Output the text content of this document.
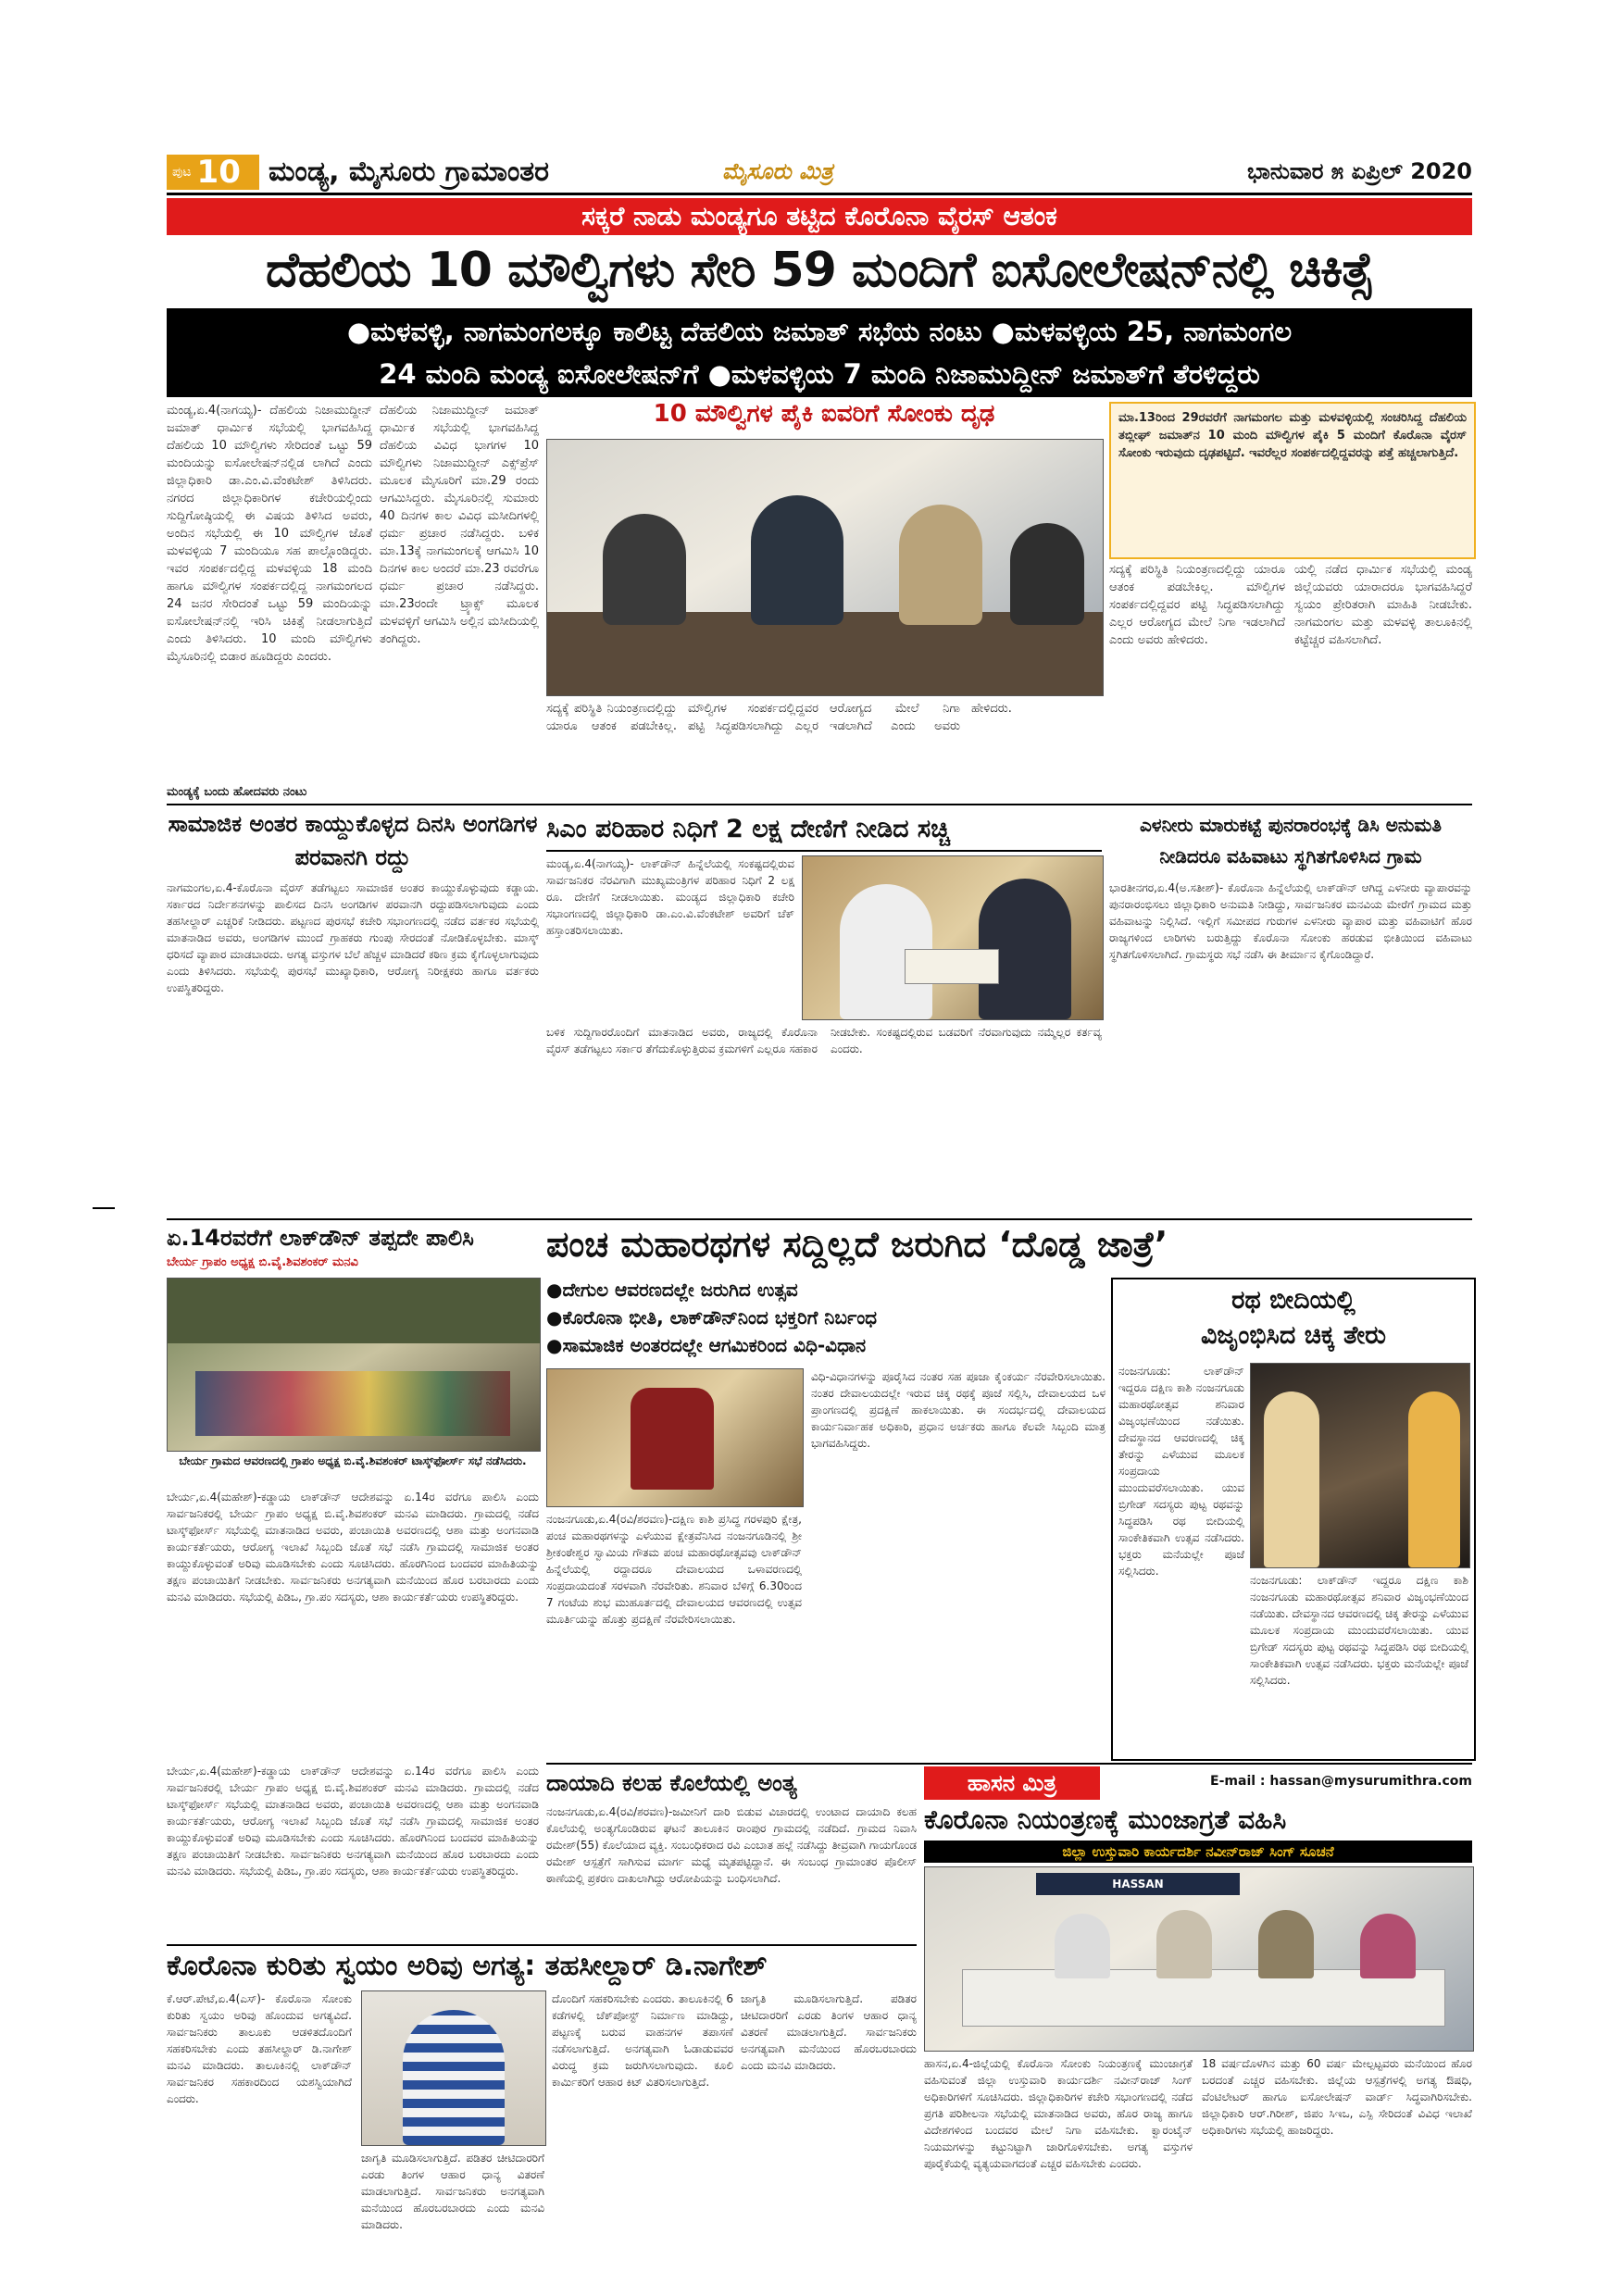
ಪುಟ 10 ಮಂಡ್ಯ, ಮೈಸೂರು ಗ್ರಾಮಾಂತರ	ಮೈಸೂರು ಮಿತ್ರ	ಭಾನುವಾರ ೫ ಏಪ್ರಿಲ್ 2020
ಸಕ್ಕರೆ ನಾಡು ಮಂಡ್ಯಗೂ ತಟ್ಟಿದ ಕೊರೊನಾ ವೈರಸ್ ಆತಂಕ
ದೆಹಲಿಯ 10 ಮೌಲ್ವಿಗಳು ಸೇರಿ 59 ಮಂದಿಗೆ ಐಸೋಲೇಷನ್‌ನಲ್ಲಿ ಚಿಕಿತ್ಸೆ
●ಮಳವಳ್ಳಿ, ನಾಗಮಂಗಲಕ್ಕೂ ಕಾಲಿಟ್ಟ ದೆಹಲಿಯ ಜಮಾತ್ ಸಭೆಯ ನಂಟು ●ಮಳವಳ್ಳಿಯ 25, ನಾಗಮಂಗಲ
24 ಮಂದಿ ಮಂಡ್ಯ ಐಸೋಲೇಷನ್‌ಗೆ ●ಮಳವಳ್ಳಿಯ 7 ಮಂದಿ ನಿಜಾಮುದ್ದೀನ್ ಜಮಾತ್‌ಗೆ ತೆರಳಿದ್ದರು
ಮಂಡ್ಯ,ಏ.4(ನಾಗಯ್ಯ)- ದೆಹಲಿಯ ನಿಜಾಮುದ್ದೀನ್ ಜಮಾತ್ ಧಾರ್ಮಿಕ ಸಭೆಯಲ್ಲಿ ಭಾಗವಹಿಸಿದ್ದ ದೆಹಲಿಯ 10 ಮೌಲ್ವಿಗಳು ಸೇರಿದಂತೆ ಒಟ್ಟು 59 ಮಂದಿಯನ್ನು ಐಸೋಲೇಷನ್‌ನಲ್ಲಿಡ ಲಾಗಿದೆ ಎಂದು ಜಿಲ್ಲಾಧಿಕಾರಿ ಡಾ.ಎಂ.ವಿ.ವೆಂಕಟೇಶ್ ತಿಳಿಸಿದರು. ನಗರದ ಜಿಲ್ಲಾಧಿಕಾರಿಗಳ ಕಚೇರಿಯಲ್ಲಿಂದು ಸುದ್ದಿಗೋಷ್ಠಿಯಲ್ಲಿ ಈ ವಿಷಯ ತಿಳಿಸಿದ ಅವರು, ಅಂದಿನ ಸಭೆಯಲ್ಲಿ ಈ 10 ಮೌಲ್ವಿಗಳ ಜೊತೆ ಮಳವಳ್ಳಿಯ 7 ಮಂದಿಯೂ ಸಹ ಪಾಲ್ಗೊಂಡಿದ್ದರು. ಇವರ ಸಂಪರ್ಕದಲ್ಲಿದ್ದ ಮಳವಳ್ಳಿಯ 18 ಮಂದಿ ಹಾಗೂ ಮೌಲ್ವಿಗಳ ಸಂಪರ್ಕದಲ್ಲಿದ್ದ ನಾಗಮಂಗಲದ 24 ಜನರ ಸೇರಿದಂತೆ ಒಟ್ಟು 59 ಮಂದಿಯನ್ನು ಐಸೋಲೇಷನ್‌ನಲ್ಲಿ ಇರಿಸಿ ಚಿಕಿತ್ಸೆ ನೀಡಲಾಗುತ್ತಿದೆ ಎಂದು ತಿಳಿಸಿದರು. 10 ಮಂದಿ ಮೌಲ್ವಿಗಳು ಮೈಸೂರಿನಲ್ಲಿ ಬಿಡಾರ ಹೂಡಿದ್ದರು ಎಂದರು.
ಮಂಡ್ಯಕ್ಕೆ ಬಂದು ಹೋದವರು ನಂಟು
ದೆಹಲಿಯ ನಿಜಾಮುದ್ದೀನ್ ಜಮಾತ್ ಧಾರ್ಮಿಕ ಸಭೆಯಲ್ಲಿ ಭಾಗವಹಿಸಿದ್ದ ದೆಹಲಿಯ ವಿವಿಧ ಭಾಗಗಳ 10 ಮೌಲ್ವಿಗಳು ನಿಜಾಮುದ್ದೀನ್ ಎಕ್ಸ್‌ಪ್ರೆಸ್ ಮೂಲಕ ಮೈಸೂರಿಗೆ ಮಾ.29 ರಂದು ಆಗಮಿಸಿದ್ದರು. ಮೈಸೂರಿನಲ್ಲಿ ಸುಮಾರು 40 ದಿನಗಳ ಕಾಲ ವಿವಿಧ ಮಸೀದಿಗಳಲ್ಲಿ ಧರ್ಮ ಪ್ರಚಾರ ನಡೆಸಿದ್ದರು. ಬಳಿಕ ಮಾ.13ಕ್ಕೆ ನಾಗಮಂಗಲಕ್ಕೆ ಆಗಮಿಸಿ 10 ದಿನಗಳ ಕಾಲ ಅಂದರೆ ಮಾ.23 ರವರೆಗೂ ಧರ್ಮ ಪ್ರಚಾರ ನಡೆಸಿದ್ದರು. ಮಾ.23ರಂದೇ ಟ್ರ್ಯಾಕ್ಸ್ ಮೂಲಕ ಮಳವಳ್ಳಿಗೆ ಆಗಮಿಸಿ ಅಲ್ಲಿನ ಮಸೀದಿಯಲ್ಲಿ ತಂಗಿದ್ದರು.
10 ಮೌಲ್ವಿಗಳ ಪೈಕಿ ಐವರಿಗೆ ಸೋಂಕು ದೃಢ
ಸದ್ಯಕ್ಕೆ ಪರಿಸ್ಥಿತಿ ನಿಯಂತ್ರಣದಲ್ಲಿದ್ದು ಯಾರೂ ಆತಂಕ ಪಡಬೇಕಿಲ್ಲ. ಮೌಲ್ವಿಗಳ ಸಂಪರ್ಕದಲ್ಲಿದ್ದವರ ಪಟ್ಟಿ ಸಿದ್ಧಪಡಿಸಲಾಗಿದ್ದು ಎಲ್ಲರ ಆರೋಗ್ಯದ ಮೇಲೆ ನಿಗಾ ಇಡಲಾಗಿದೆ ಎಂದು ಅವರು ಹೇಳಿದರು.
ಮಾ.13ರಿಂದ 29ರವರೆಗೆ ನಾಗಮಂಗಲ ಮತ್ತು ಮಳವಳ್ಳಿಯಲ್ಲಿ ಸಂಚರಿಸಿದ್ದ ದೆಹಲಿಯ ತಬ್ಲೀಘ್ ಜಮಾತ್‌ನ 10 ಮಂದಿ ಮೌಲ್ವಿಗಳ ಪೈಕಿ 5 ಮಂದಿಗೆ ಕೊರೊನಾ ವೈರಸ್ ಸೋಂಕು ಇರುವುದು ದೃಢಪಟ್ಟಿದೆ. ಇವರೆಲ್ಲರ ಸಂಪರ್ಕದಲ್ಲಿದ್ದವರನ್ನು ಪತ್ತೆ ಹಚ್ಚಲಾಗುತ್ತಿದೆ.
ಸದ್ಯಕ್ಕೆ ಪರಿಸ್ಥಿತಿ ನಿಯಂತ್ರಣದಲ್ಲಿದ್ದು ಯಾರೂ ಆತಂಕ ಪಡಬೇಕಿಲ್ಲ. ಮೌಲ್ವಿಗಳ ಸಂಪರ್ಕದಲ್ಲಿದ್ದವರ ಪಟ್ಟಿ ಸಿದ್ಧಪಡಿಸಲಾಗಿದ್ದು ಎಲ್ಲರ ಆರೋಗ್ಯದ ಮೇಲೆ ನಿಗಾ ಇಡಲಾಗಿದೆ ಎಂದು ಅವರು ಹೇಳಿದರು.
ಯಲ್ಲಿ ನಡೆದ ಧಾರ್ಮಿಕ ಸಭೆಯಲ್ಲಿ ಮಂಡ್ಯ ಜಿಲ್ಲೆಯವರು ಯಾರಾದರೂ ಭಾಗವಹಿಸಿದ್ದರೆ ಸ್ವಯಂ ಪ್ರೇರಿತರಾಗಿ ಮಾಹಿತಿ ನೀಡಬೇಕು. ನಾಗಮಂಗಲ ಮತ್ತು ಮಳವಳ್ಳಿ ತಾಲೂಕಿನಲ್ಲಿ ಕಟ್ಟೆಚ್ಚರ ವಹಿಸಲಾಗಿದೆ.
ಸಾಮಾಜಿಕ ಅಂತರ ಕಾಯ್ದುಕೊಳ್ಳದ ದಿನಸಿ ಅಂಗಡಿಗಳ ಪರವಾನಗಿ ರದ್ದು
ನಾಗಮಂಗಲ,ಏ.4-ಕೊರೊನಾ ವೈರಸ್ ತಡೆಗಟ್ಟಲು ಸಾಮಾಜಿಕ ಅಂತರ ಕಾಯ್ದುಕೊಳ್ಳುವುದು ಕಡ್ಡಾಯ. ಸರ್ಕಾರದ ನಿರ್ದೇಶನಗಳನ್ನು ಪಾಲಿಸದ ದಿನಸಿ ಅಂಗಡಿಗಳ ಪರವಾನಗಿ ರದ್ದುಪಡಿಸಲಾಗುವುದು ಎಂದು ತಹಸೀಲ್ದಾರ್ ಎಚ್ಚರಿಕೆ ನೀಡಿದರು. ಪಟ್ಟಣದ ಪುರಸಭೆ ಕಚೇರಿ ಸಭಾಂಗಣದಲ್ಲಿ ನಡೆದ ವರ್ತಕರ ಸಭೆಯಲ್ಲಿ ಮಾತನಾಡಿದ ಅವರು, ಅಂಗಡಿಗಳ ಮುಂದೆ ಗ್ರಾಹಕರು ಗುಂಪು ಸೇರದಂತೆ ನೋಡಿಕೊಳ್ಳಬೇಕು. ಮಾಸ್ಕ್ ಧರಿಸದೆ ವ್ಯಾಪಾರ ಮಾಡಬಾರದು. ಅಗತ್ಯ ವಸ್ತುಗಳ ಬೆಲೆ ಹೆಚ್ಚಳ ಮಾಡಿದರೆ ಕಠಿಣ ಕ್ರಮ ಕೈಗೊಳ್ಳಲಾಗುವುದು ಎಂದು ತಿಳಿಸಿದರು. ಸಭೆಯಲ್ಲಿ ಪುರಸಭೆ ಮುಖ್ಯಾಧಿಕಾರಿ, ಆರೋಗ್ಯ ನಿರೀಕ್ಷಕರು ಹಾಗೂ ವರ್ತಕರು ಉಪಸ್ಥಿತರಿದ್ದರು.
ಸಿಎಂ ಪರಿಹಾರ ನಿಧಿಗೆ 2 ಲಕ್ಷ ದೇಣಿಗೆ ನೀಡಿದ ಸಚ್ಚಿ
ಮಂಡ್ಯ,ಏ.4(ನಾಗಯ್ಯ)- ಲಾಕ್‌ಡೌನ್ ಹಿನ್ನೆಲೆಯಲ್ಲಿ ಸಂಕಷ್ಟದಲ್ಲಿರುವ ಸಾರ್ವಜನಿಕರ ನೆರವಿಗಾಗಿ ಮುಖ್ಯಮಂತ್ರಿಗಳ ಪರಿಹಾರ ನಿಧಿಗೆ 2 ಲಕ್ಷ ರೂ. ದೇಣಿಗೆ ನೀಡಲಾಯಿತು. ಮಂಡ್ಯದ ಜಿಲ್ಲಾಧಿಕಾರಿ ಕಚೇರಿ ಸಭಾಂಗಣದಲ್ಲಿ ಜಿಲ್ಲಾಧಿಕಾರಿ ಡಾ.ಎಂ.ವಿ.ವೆಂಕಟೇಶ್ ಅವರಿಗೆ ಚೆಕ್ ಹಸ್ತಾಂತರಿಸಲಾಯಿತು.
ಬಳಿಕ ಸುದ್ದಿಗಾರರೊಂದಿಗೆ ಮಾತನಾಡಿದ ಅವರು, ರಾಜ್ಯದಲ್ಲಿ ಕೊರೊನಾ ವೈರಸ್ ತಡೆಗಟ್ಟಲು ಸರ್ಕಾರ ತೆಗೆದುಕೊಳ್ಳುತ್ತಿರುವ ಕ್ರಮಗಳಿಗೆ ಎಲ್ಲರೂ ಸಹಕಾರ ನೀಡಬೇಕು. ಸಂಕಷ್ಟದಲ್ಲಿರುವ ಬಡವರಿಗೆ ನೆರವಾಗುವುದು ನಮ್ಮೆಲ್ಲರ ಕರ್ತವ್ಯ ಎಂದರು.
ಎಳನೀರು ಮಾರುಕಟ್ಟೆ ಪುನರಾರಂಭಕ್ಕೆ ಡಿಸಿ ಅನುಮತಿ ನೀಡಿದರೂ ವಹಿವಾಟು ಸ್ಥಗಿತಗೊಳಿಸಿದ ಗ್ರಾಮ
ಭಾರತೀನಗರ,ಏ.4(ಅ.ಸತೀಶ್)- ಕೊರೊನಾ ಹಿನ್ನೆಲೆಯಲ್ಲಿ ಲಾಕ್‌ಡೌನ್ ಆಗಿದ್ದ ಎಳನೀರು ವ್ಯಾಪಾರವನ್ನು ಪುನರಾರಂಭಿಸಲು ಜಿಲ್ಲಾಧಿಕಾರಿ ಅನುಮತಿ ನೀಡಿದ್ದು, ಸಾರ್ವಜನಿಕರ ಮನವಿಯ ಮೇರೆಗೆ ಗ್ರಾಮದ ಮತ್ತು ವಹಿವಾಟನ್ನು ನಿಲ್ಲಿಸಿದೆ. ಇಲ್ಲಿಗೆ ಸಮೀಪದ ಗುರುಗಳ ಎಳನೀರು ವ್ಯಾಪಾರ ಮತ್ತು ವಹಿವಾಟಿಗೆ ಹೊರ ರಾಜ್ಯಗಳಿಂದ ಲಾರಿಗಳು ಬರುತ್ತಿದ್ದು ಕೊರೊನಾ ಸೋಂಕು ಹರಡುವ ಭೀತಿಯಿಂದ ವಹಿವಾಟು ಸ್ಥಗಿತಗೊಳಿಸಲಾಗಿದೆ. ಗ್ರಾಮಸ್ಥರು ಸಭೆ ನಡೆಸಿ ಈ ತೀರ್ಮಾನ ಕೈಗೊಂಡಿದ್ದಾರೆ.
ಏ.14ರವರೆಗೆ ಲಾಕ್‌ಡೌನ್ ತಪ್ಪದೇ ಪಾಲಿಸಿ
ಬೇರ್ಯ ಗ್ರಾಪಂ ಅಧ್ಯಕ್ಷ ಬಿ.ವೈ.ಶಿವಶಂಕರ್ ಮನವಿ
ಬೇರ್ಯ ಗ್ರಾಮದ ಆವರಣದಲ್ಲಿ ಗ್ರಾಪಂ ಅಧ್ಯಕ್ಷ ಬಿ.ವೈ.ಶಿವಶಂಕರ್ ಟಾಸ್ಕ್‌ಫೋರ್ಸ್ ಸಭೆ ನಡೆಸಿದರು.
ಬೇರ್ಯ,ಏ.4(ಮಹೇಶ್)-ಕಡ್ಡಾಯ ಲಾಕ್‌ಡೌನ್ ಆದೇಶವನ್ನು ಏ.14ರ ವರೆಗೂ ಪಾಲಿಸಿ ಎಂದು ಸಾರ್ವಜನಿಕರಲ್ಲಿ ಬೇರ್ಯ ಗ್ರಾಪಂ ಅಧ್ಯಕ್ಷ ಬಿ.ವೈ.ಶಿವಶಂಕರ್ ಮನವಿ ಮಾಡಿದರು. ಗ್ರಾಮದಲ್ಲಿ ನಡೆದ ಟಾಸ್ಕ್‌ಫೋರ್ಸ್ ಸಭೆಯಲ್ಲಿ ಮಾತನಾಡಿದ ಅವರು, ಪಂಚಾಯಿತಿ ಅವರಣದಲ್ಲಿ ಆಶಾ ಮತ್ತು ಅಂಗನವಾಡಿ ಕಾರ್ಯಕರ್ತೆಯರು, ಆರೋಗ್ಯ ಇಲಾಖೆ ಸಿಬ್ಬಂದಿ ಜೊತೆ ಸಭೆ ನಡೆಸಿ ಗ್ರಾಮದಲ್ಲಿ ಸಾಮಾಜಿಕ ಅಂತರ ಕಾಯ್ದುಕೊಳ್ಳುವಂತೆ ಅರಿವು ಮೂಡಿಸಬೇಕು ಎಂದು ಸೂಚಿಸಿದರು. ಹೊರಗಿನಿಂದ ಬಂದವರ ಮಾಹಿತಿಯನ್ನು ತಕ್ಷಣ ಪಂಚಾಯಿತಿಗೆ ನೀಡಬೇಕು. ಸಾರ್ವಜನಿಕರು ಅನಗತ್ಯವಾಗಿ ಮನೆಯಿಂದ ಹೊರ ಬರಬಾರದು ಎಂದು ಮನವಿ ಮಾಡಿದರು. ಸಭೆಯಲ್ಲಿ ಪಿಡಿಒ, ಗ್ರಾ.ಪಂ ಸದಸ್ಯರು, ಆಶಾ ಕಾರ್ಯಕರ್ತೆಯರು ಉಪಸ್ಥಿತರಿದ್ದರು.
ಪಂಚ ಮಹಾರಥಗಳ ಸದ್ದಿಲ್ಲದೆ ಜರುಗಿದ ‘ದೊಡ್ಡ ಜಾತ್ರೆ’
●ದೇಗುಲ ಆವರಣದಲ್ಲೇ ಜರುಗಿದ ಉತ್ಸವ
●ಕೊರೊನಾ ಭೀತಿ, ಲಾಕ್‌ಡೌನ್‌ನಿಂದ ಭಕ್ತರಿಗೆ ನಿರ್ಬಂಧ
●ಸಾಮಾಜಿಕ ಅಂತರದಲ್ಲೇ ಆಗಮಿಕರಿಂದ ವಿಧಿ-ವಿಧಾನ
ನಂಜನಗೂಡು,ಏ.4(ರವಿ/ಶರವಣ)-ದಕ್ಷಿಣ ಕಾಶಿ ಪ್ರಸಿದ್ಧ ಗರಳಪುರಿ ಕ್ಷೇತ್ರ, ಪಂಚ ಮಹಾರಥಗಳನ್ನು ಎಳೆಯುವ ಕ್ಷೇತ್ರವೆನಿಸಿದ ನಂಜನಗೂಡಿನಲ್ಲಿ ಶ್ರೀ ಶ್ರೀಕಂಠೇಶ್ವರ ಸ್ವಾಮಿಯ ಗೌತಮ ಪಂಚ ಮಹಾರಥೋತ್ಸವವು ಲಾಕ್‌ಡೌನ್ ಹಿನ್ನೆಲೆಯಲ್ಲಿ ರದ್ದಾದರೂ ದೇವಾಲಯದ ಒಳಾವರಣದಲ್ಲಿ ಸಂಪ್ರದಾಯದಂತೆ ಸರಳವಾಗಿ ನೆರವೇರಿತು. ಶನಿವಾರ ಬೆಳಿಗ್ಗೆ 6.30ರಿಂದ 7 ಗಂಟೆಯ ಶುಭ ಮುಹೂರ್ತದಲ್ಲಿ ದೇವಾಲಯದ ಆವರಣದಲ್ಲಿ ಉತ್ಸವ ಮೂರ್ತಿಯನ್ನು ಹೊತ್ತು ಪ್ರದಕ್ಷಿಣೆ ನೆರವೇರಿಸಲಾಯಿತು.
ವಿಧಿ-ವಿಧಾನಗಳನ್ನು ಪೂರೈಸಿದ ನಂತರ ಸಹ ಪೂಜಾ ಕೈಂಕರ್ಯ ನೆರವೇರಿಸಲಾಯಿತು. ನಂತರ ದೇವಾಲಯದಲ್ಲೇ ಇರುವ ಚಿಕ್ಕ ರಥಕ್ಕೆ ಪೂಜೆ ಸಲ್ಲಿಸಿ, ದೇವಾಲಯದ ಒಳ ಪ್ರಾಂಗಣದಲ್ಲಿ ಪ್ರದಕ್ಷಿಣೆ ಹಾಕಲಾಯಿತು. ಈ ಸಂದರ್ಭದಲ್ಲಿ ದೇವಾಲಯದ ಕಾರ್ಯನಿರ್ವಾಹಕ ಅಧಿಕಾರಿ, ಪ್ರಧಾನ ಅರ್ಚಕರು ಹಾಗೂ ಕೆಲವೇ ಸಿಬ್ಬಂದಿ ಮಾತ್ರ ಭಾಗವಹಿಸಿದ್ದರು.
ರಥ ಬೀದಿಯಲ್ಲಿ
ವಿಜೃಂಭಿಸಿದ ಚಿಕ್ಕ ತೇರು
ನಂಜನಗೂಡು: ಲಾಕ್‌ಡೌನ್ ಇದ್ದರೂ ದಕ್ಷಿಣ ಕಾಶಿ ನಂಜನಗೂಡು ಮಹಾರಥೋತ್ಸವ ಶನಿವಾರ ವಿಜೃಂಭಣೆಯಿಂದ ನಡೆಯಿತು. ದೇವಸ್ಥಾನದ ಆವರಣದಲ್ಲಿ ಚಿಕ್ಕ ತೇರನ್ನು ಎಳೆಯುವ ಮೂಲಕ ಸಂಪ್ರದಾಯ ಮುಂದುವರೆಸಲಾಯಿತು. ಯುವ ಬ್ರಿಗೇಡ್ ಸದಸ್ಯರು ಪುಟ್ಟ ರಥವನ್ನು ಸಿದ್ಧಪಡಿಸಿ ರಥ ಬೀದಿಯಲ್ಲಿ ಸಾಂಕೇತಿಕವಾಗಿ ಉತ್ಸವ ನಡೆಸಿದರು. ಭಕ್ತರು ಮನೆಯಲ್ಲೇ ಪೂಜೆ ಸಲ್ಲಿಸಿದರು.
ನಂಜನಗೂಡು: ಲಾಕ್‌ಡೌನ್ ಇದ್ದರೂ ದಕ್ಷಿಣ ಕಾಶಿ ನಂಜನಗೂಡು ಮಹಾರಥೋತ್ಸವ ಶನಿವಾರ ವಿಜೃಂಭಣೆಯಿಂದ ನಡೆಯಿತು. ದೇವಸ್ಥಾನದ ಆವರಣದಲ್ಲಿ ಚಿಕ್ಕ ತೇರನ್ನು ಎಳೆಯುವ ಮೂಲಕ ಸಂಪ್ರದಾಯ ಮುಂದುವರೆಸಲಾಯಿತು. ಯುವ ಬ್ರಿಗೇಡ್ ಸದಸ್ಯರು ಪುಟ್ಟ ರಥವನ್ನು ಸಿದ್ಧಪಡಿಸಿ ರಥ ಬೀದಿಯಲ್ಲಿ ಸಾಂಕೇತಿಕವಾಗಿ ಉತ್ಸವ ನಡೆಸಿದರು. ಭಕ್ತರು ಮನೆಯಲ್ಲೇ ಪೂಜೆ ಸಲ್ಲಿಸಿದರು.
ಬೇರ್ಯ,ಏ.4(ಮಹೇಶ್)-ಕಡ್ಡಾಯ ಲಾಕ್‌ಡೌನ್ ಆದೇಶವನ್ನು ಏ.14ರ ವರೆಗೂ ಪಾಲಿಸಿ ಎಂದು ಸಾರ್ವಜನಿಕರಲ್ಲಿ ಬೇರ್ಯ ಗ್ರಾಪಂ ಅಧ್ಯಕ್ಷ ಬಿ.ವೈ.ಶಿವಶಂಕರ್ ಮನವಿ ಮಾಡಿದರು. ಗ್ರಾಮದಲ್ಲಿ ನಡೆದ ಟಾಸ್ಕ್‌ಫೋರ್ಸ್ ಸಭೆಯಲ್ಲಿ ಮಾತನಾಡಿದ ಅವರು, ಪಂಚಾಯಿತಿ ಅವರಣದಲ್ಲಿ ಆಶಾ ಮತ್ತು ಅಂಗನವಾಡಿ ಕಾರ್ಯಕರ್ತೆಯರು, ಆರೋಗ್ಯ ಇಲಾಖೆ ಸಿಬ್ಬಂದಿ ಜೊತೆ ಸಭೆ ನಡೆಸಿ ಗ್ರಾಮದಲ್ಲಿ ಸಾಮಾಜಿಕ ಅಂತರ ಕಾಯ್ದುಕೊಳ್ಳುವಂತೆ ಅರಿವು ಮೂಡಿಸಬೇಕು ಎಂದು ಸೂಚಿಸಿದರು. ಹೊರಗಿನಿಂದ ಬಂದವರ ಮಾಹಿತಿಯನ್ನು ತಕ್ಷಣ ಪಂಚಾಯಿತಿಗೆ ನೀಡಬೇಕು. ಸಾರ್ವಜನಿಕರು ಅನಗತ್ಯವಾಗಿ ಮನೆಯಿಂದ ಹೊರ ಬರಬಾರದು ಎಂದು ಮನವಿ ಮಾಡಿದರು. ಸಭೆಯಲ್ಲಿ ಪಿಡಿಒ, ಗ್ರಾ.ಪಂ ಸದಸ್ಯರು, ಆಶಾ ಕಾರ್ಯಕರ್ತೆಯರು ಉಪಸ್ಥಿತರಿದ್ದರು.
ದಾಯಾದಿ ಕಲಹ ಕೊಲೆಯಲ್ಲಿ ಅಂತ್ಯ
ನಂಜನಗೂಡು,ಏ.4(ರವಿ/ಶರವಣ)-ಜಮೀನಿಗೆ ದಾರಿ ಬಿಡುವ ವಿಚಾರದಲ್ಲಿ ಉಂಟಾದ ದಾಯಾದಿ ಕಲಹ ಕೊಲೆಯಲ್ಲಿ ಅಂತ್ಯಗೊಂಡಿರುವ ಘಟನೆ ತಾಲೂಕಿನ ರಾಂಪುರ ಗ್ರಾಮದಲ್ಲಿ ನಡೆದಿದೆ. ಗ್ರಾಮದ ನಿವಾಸಿ ರಮೇಶ್(55) ಕೊಲೆಯಾದ ವ್ಯಕ್ತಿ. ಸಂಬಂಧಿಕರಾದ ರವಿ ಎಂಬಾತ ಹಲ್ಲೆ ನಡೆಸಿದ್ದು ತೀವ್ರವಾಗಿ ಗಾಯಗೊಂಡ ರಮೇಶ್ ಆಸ್ಪತ್ರೆಗೆ ಸಾಗಿಸುವ ಮಾರ್ಗ ಮಧ್ಯೆ ಮೃತಪಟ್ಟಿದ್ದಾನೆ. ಈ ಸಂಬಂಧ ಗ್ರಾಮಾಂತರ ಪೊಲೀಸ್ ಠಾಣೆಯಲ್ಲಿ ಪ್ರಕರಣ ದಾಖಲಾಗಿದ್ದು ಆರೋಪಿಯನ್ನು ಬಂಧಿಸಲಾಗಿದೆ.
ಹಾಸನ ಮಿತ್ರ	E-mail : hassan@mysurumithra.com
ಕೊರೊನಾ ನಿಯಂತ್ರಣಕ್ಕೆ ಮುಂಜಾಗ್ರತೆ ವಹಿಸಿ
ಜಿಲ್ಲಾ ಉಸ್ತುವಾರಿ ಕಾರ್ಯದರ್ಶಿ ನವೀನ್‌ರಾಜ್ ಸಿಂಗ್ ಸೂಚನೆ
HASSAN
ಕೊರೊನಾ ಕುರಿತು ಸ್ವಯಂ ಅರಿವು ಅಗತ್ಯ: ತಹಸೀಲ್ದಾರ್ ಡಿ.ನಾಗೇಶ್
ಕೆ.ಆರ್.ಪೇಟೆ,ಏ.4(ಎಸ್)- ಕೊರೊನಾ ಸೋಂಕು ಕುರಿತು ಸ್ವಯಂ ಅರಿವು ಹೊಂದುವ ಅಗತ್ಯವಿದೆ. ಸಾರ್ವಜನಿಕರು ತಾಲೂಕು ಆಡಳಿತದೊಂದಿಗೆ ಸಹಕರಿಸಬೇಕು ಎಂದು ತಹಸೀಲ್ದಾರ್ ಡಿ.ನಾಗೇಶ್ ಮನವಿ ಮಾಡಿದರು. ತಾಲೂಕಿನಲ್ಲಿ ಲಾಕ್‌ಡೌನ್ ಸಾರ್ವಜನಿಕರ ಸಹಕಾರದಿಂದ ಯಶಸ್ವಿಯಾಗಿದೆ ಎಂದರು.
ಜಾಗೃತಿ ಮೂಡಿಸಲಾಗುತ್ತಿದೆ. ಪಡಿತರ ಚೀಟಿದಾರರಿಗೆ ಎರಡು ತಿಂಗಳ ಆಹಾರ ಧಾನ್ಯ ವಿತರಣೆ ಮಾಡಲಾಗುತ್ತಿದೆ. ಸಾರ್ವಜನಿಕರು ಅನಗತ್ಯವಾಗಿ ಮನೆಯಿಂದ ಹೊರಬರಬಾರದು ಎಂದು ಮನವಿ ಮಾಡಿದರು.
ದೊಂದಿಗೆ ಸಹಕರಿಸಬೇಕು ಎಂದರು. ತಾಲೂಕಿನಲ್ಲಿ 6 ಕಡೆಗಳಲ್ಲಿ ಚೆಕ್‌ಪೋಸ್ಟ್ ನಿರ್ಮಾಣ ಮಾಡಿದ್ದು, ಪಟ್ಟಣಕ್ಕೆ ಬರುವ ವಾಹನಗಳ ತಪಾಸಣೆ ನಡೆಸಲಾಗುತ್ತಿದೆ. ಅನಗತ್ಯವಾಗಿ ಓಡಾಡುವವರ ವಿರುದ್ಧ ಕ್ರಮ ಜರುಗಿಸಲಾಗುವುದು. ಕೂಲಿ ಕಾರ್ಮಿಕರಿಗೆ ಆಹಾರ ಕಿಟ್ ವಿತರಿಸಲಾಗುತ್ತಿದೆ.
ಜಾಗೃತಿ ಮೂಡಿಸಲಾಗುತ್ತಿದೆ. ಪಡಿತರ ಚೀಟಿದಾರರಿಗೆ ಎರಡು ತಿಂಗಳ ಆಹಾರ ಧಾನ್ಯ ವಿತರಣೆ ಮಾಡಲಾಗುತ್ತಿದೆ. ಸಾರ್ವಜನಿಕರು ಅನಗತ್ಯವಾಗಿ ಮನೆಯಿಂದ ಹೊರಬರಬಾರದು ಎಂದು ಮನವಿ ಮಾಡಿದರು.	ಹಾಸನ,ಏ.4-ಜಿಲ್ಲೆಯಲ್ಲಿ ಕೊರೊನಾ ಸೋಂಕು ನಿಯಂತ್ರಣಕ್ಕೆ ಮುಂಜಾಗ್ರತೆ ವಹಿಸುವಂತೆ ಜಿಲ್ಲಾ ಉಸ್ತುವಾರಿ ಕಾರ್ಯದರ್ಶಿ ನವೀನ್‌ರಾಜ್ ಸಿಂಗ್ ಅಧಿಕಾರಿಗಳಿಗೆ ಸೂಚಿಸಿದರು. ಜಿಲ್ಲಾಧಿಕಾರಿಗಳ ಕಚೇರಿ ಸಭಾಂಗಣದಲ್ಲಿ ನಡೆದ ಪ್ರಗತಿ ಪರಿಶೀಲನಾ ಸಭೆಯಲ್ಲಿ ಮಾತನಾಡಿದ ಅವರು, ಹೊರ ರಾಜ್ಯ ಹಾಗೂ ವಿದೇಶಗಳಿಂದ ಬಂದವರ ಮೇಲೆ ನಿಗಾ ವಹಿಸಬೇಕು. ಕ್ವಾರಂಟೈನ್ ನಿಯಮಗಳನ್ನು ಕಟ್ಟುನಿಟ್ಟಾಗಿ ಜಾರಿಗೊಳಿಸಬೇಕು. ಅಗತ್ಯ ವಸ್ತುಗಳ ಪೂರೈಕೆಯಲ್ಲಿ ವ್ಯತ್ಯಯವಾಗದಂತೆ ಎಚ್ಚರ ವಹಿಸಬೇಕು ಎಂದರು.
18 ವರ್ಷದೊಳಗಿನ ಮತ್ತು 60 ವರ್ಷ ಮೇಲ್ಪಟ್ಟವರು ಮನೆಯಿಂದ ಹೊರ ಬರದಂತೆ ಎಚ್ಚರ ವಹಿಸಬೇಕು. ಜಿಲ್ಲೆಯ ಆಸ್ಪತ್ರೆಗಳಲ್ಲಿ ಅಗತ್ಯ ಔಷಧಿ, ವೆಂಟಿಲೇಟರ್ ಹಾಗೂ ಐಸೋಲೇಷನ್ ವಾರ್ಡ್ ಸಿದ್ಧವಾಗಿರಿಸಬೇಕು. ಜಿಲ್ಲಾಧಿಕಾರಿ ಆರ್.ಗಿರೀಶ್, ಜಿಪಂ ಸಿಇಒ, ಎಸ್ಪಿ ಸೇರಿದಂತೆ ವಿವಿಧ ಇಲಾಖೆ ಅಧಿಕಾರಿಗಳು ಸಭೆಯಲ್ಲಿ ಹಾಜರಿದ್ದರು.
